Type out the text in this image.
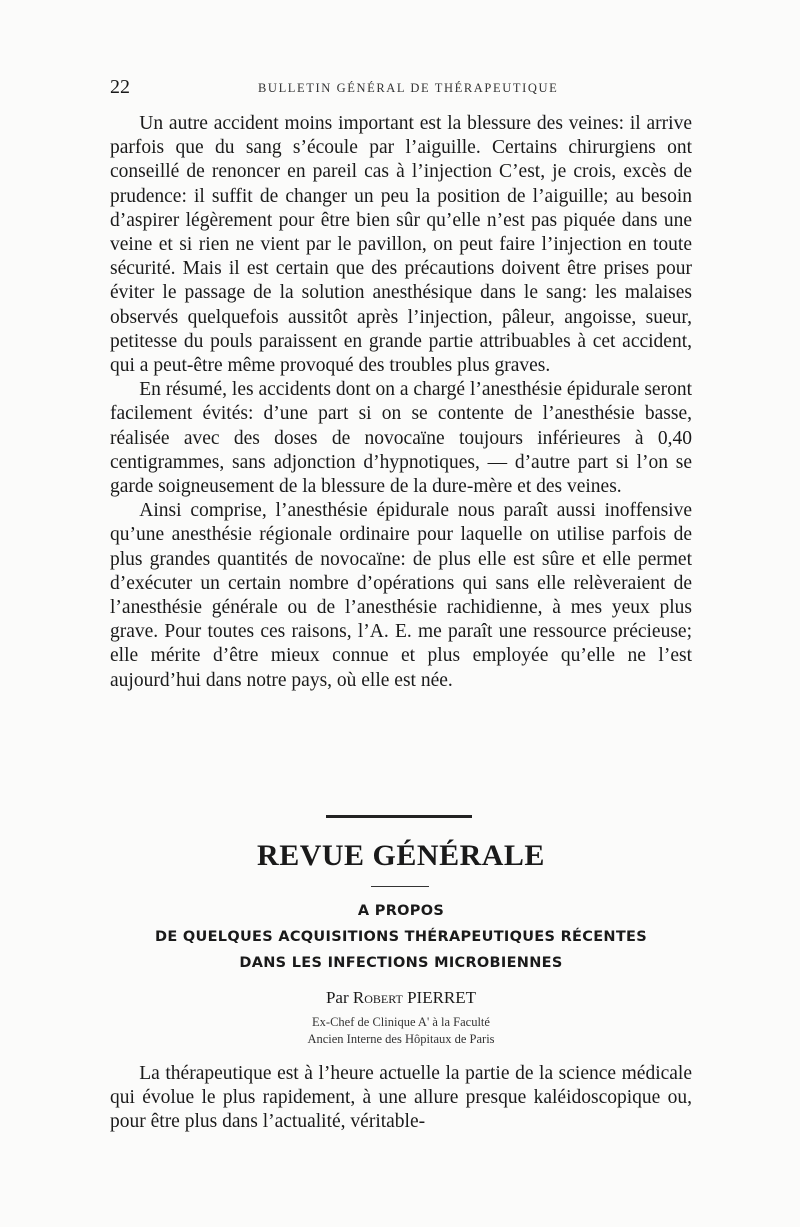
22	BULLETIN GÉNÉRAL DE THÉRAPEUTIQUE

Un autre accident moins important est la blessure des veines: il arrive parfois que du sang s’écoule par l’aiguille. Certains chirurgiens ont conseillé de renoncer en pareil cas à l’injection C’est, je crois, excès de prudence: il suffit de changer un peu la position de l’aiguille; au besoin d’aspirer légèrement pour être bien sûr qu’elle n’est pas piquée dans une veine et si rien ne vient par le pavillon, on peut faire l’injection en toute sécurité. Mais il est certain que des précautions doivent être prises pour éviter le passage de la solution anesthésique dans le sang: les malaises observés quelquefois aussitôt après l’injection, pâleur, angoisse, sueur, petitesse du pouls paraissent en grande partie attribuables à cet accident, qui a peut-être même provoqué des troubles plus graves.

En résumé, les accidents dont on a chargé l’anesthésie épidurale seront facilement évités: d’une part si on se contente de l’anesthésie basse, réalisée avec des doses de novocaïne toujours inférieures à 0,40 centigrammes, sans adjonction d’hypnotiques, — d’autre part si l’on se garde soigneusement de la blessure de la dure-mère et des veines.

Ainsi comprise, l’anesthésie épidurale nous paraît aussi inoffensive qu’une anesthésie régionale ordinaire pour laquelle on utilise parfois de plus grandes quantités de novocaïne: de plus elle est sûre et elle permet d’exécuter un certain nombre d’opérations qui sans elle relèveraient de l’anesthésie générale ou de l’anesthésie rachidienne, à mes yeux plus grave. Pour toutes ces raisons, l’A. E. me paraît une ressource précieuse; elle mérite d’être mieux connue et plus employée qu’elle ne l’est aujourd’hui dans notre pays, où elle est née.

REVUE GÉNÉRALE
A PROPOS
DE QUELQUES ACQUISITIONS THÉRAPEUTIQUES RÉCENTES
DANS LES INFECTIONS MICROBIENNES
Par Robert PIERRET
Ex-Chef de Clinique A' à la Faculté
Ancien Interne des Hôpitaux de Paris

La thérapeutique est à l’heure actuelle la partie de la science médicale qui évolue le plus rapidement, à une allure presque kaléidoscopique ou, pour être plus dans l’actualité, véritable-
